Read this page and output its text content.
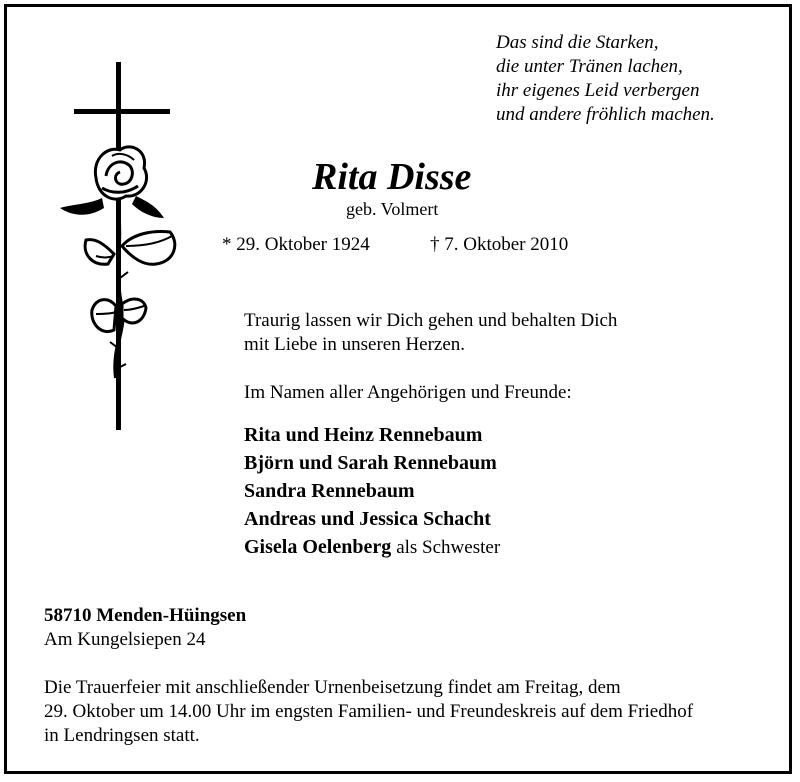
Das sind die Starken,
die unter Tränen lachen,
ihr eigenes Leid verbergen
und andere fröhlich machen.
Rita Disse
geb. Volmert
* 29. Oktober 1924	† 7. Oktober 2010
Traurig lassen wir Dich gehen und behalten Dich
mit Liebe in unseren Herzen.
Im Namen aller Angehörigen und Freunde:
Rita und Heinz Rennebaum
Björn und Sarah Rennebaum
Sandra Rennebaum
Andreas und Jessica Schacht
Gisela Oelenberg als Schwester
58710 Menden-Hüingsen
Am Kungelsiepen 24
Die Trauerfeier mit anschließender Urnenbeisetzung findet am Freitag, dem
29. Oktober um 14.00 Uhr im engsten Familien- und Freundeskreis auf dem Friedhof
in Lendringsen statt.
